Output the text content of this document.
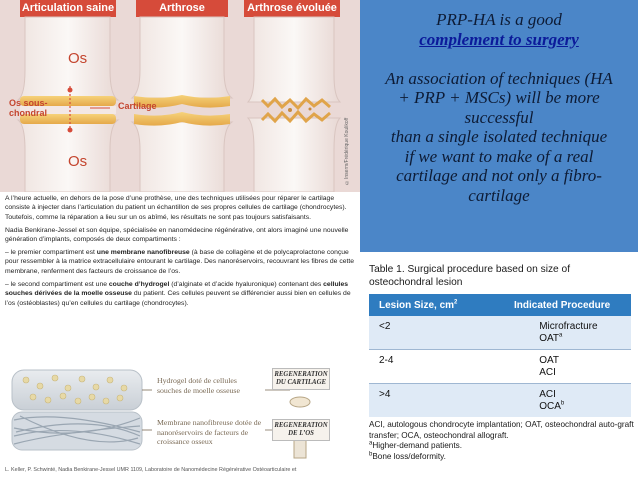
Articulation saine	Arthrose	Arthrose évoluée
Os
Os
Os sous-
chondral
Cartilage
©Inserm/Frédérique Koulikoff

A l’heure actuelle, en dehors de la pose d’une prothèse, une des techniques utilisées pour réparer le cartilage consiste à injecter dans l’articulation du patient un échantillon de ses propres cellules de cartilage (chondrocytes). Toutefois, comme la réparation a lieu sur un os abîmé, les résultats ne sont pas toujours satisfaisants.

Nadia Benkirane-Jessel et son équipe, spécialisée en nanomédecine régénérative, ont alors imaginé une nouvelle génération d’implants, composés de deux compartiments :

– le premier compartiment est une membrane nanofibreuse (à base de collagène et de polycaprolactone conçue pour ressembler à la matrice extracellulaire entourant le cartilage. Des nanoréservoirs, recouvrant les fibres de cette membrane, renferment des facteurs de croissance de l’os.

– le second compartiment est une couche d’hydrogel (d’alginate et d’acide hyaluronique) contenant des cellules souches dérivées de la moelle osseuse du patient. Ces cellules peuvent se différencier aussi bien en cellules de l’os (ostéoblastes) qu’en cellules du cartilage (chondrocytes).

Hydrogel doté de cellules souches de moelle osseuse
Membrane nanofibreuse dotée de nanoréservoirs de facteurs de croissance osseux
REGENERATION DU CARTILAGE
REGENERATION DE L’OS
L. Keller, P. Schwinté, Nadia Benkirane-Jessel UMR 1109, Laboratoire de Nanomédecine Régénérative Ostéoarticulaire et
PRP-HA is a good
complement to surgery
An association of techniques (HA
+ PRP + MSCs) will be more
successful
than a single isolated technique
if we want to make of a real
cartilage and not only a fibro-
cartilage
Table 1. Surgical procedure based on size of osteochondral lesion
Lesion Size, $cm^2$	Indicated Procedure
<2	Microfracture
OAT$^a$
2-4	OAT
ACI
>4	ACI
OCA$^b$
ACI, autologous chondrocyte implantation; OAT, osteochondral auto-graft transfer; OCA, osteochondral allograft.
$^a$Higher-demand patients.
$^b$Bone loss/deformity.
